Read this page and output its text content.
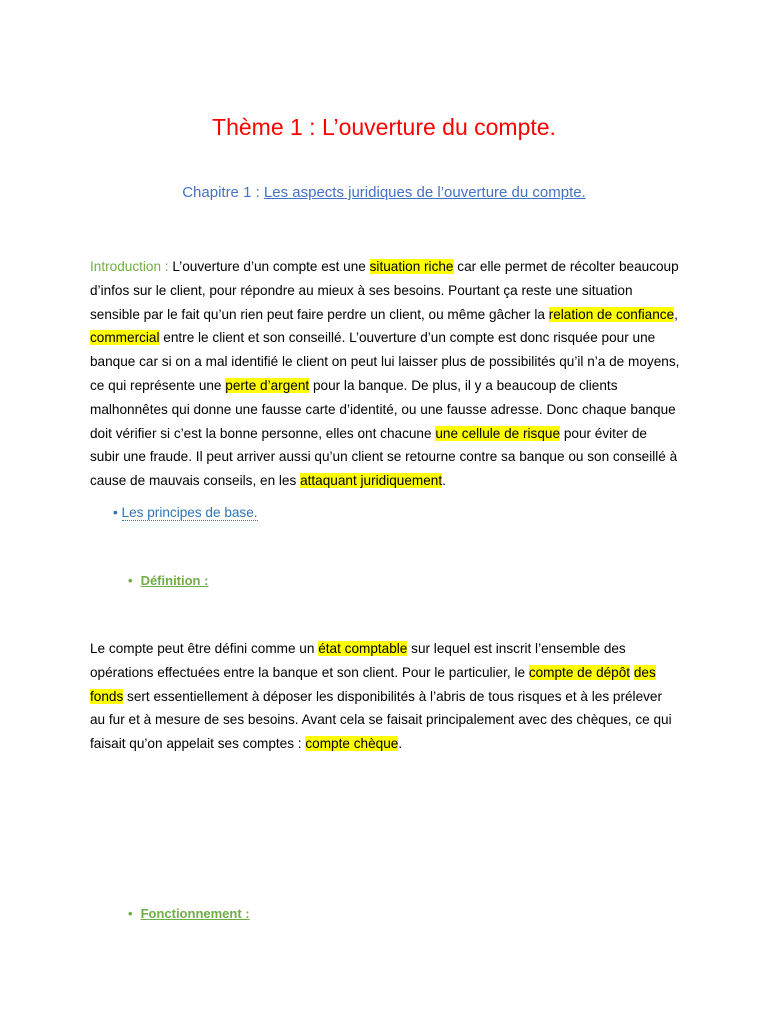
Thème 1 : L’ouverture du compte.
Chapitre 1 : Les aspects juridiques de l’ouverture du compte.

Introduction : L’ouverture d’un compte est une situation riche car elle permet de récolter beaucoup d’infos sur le client, pour répondre au mieux à ses besoins. Pourtant ça reste une situation sensible par le fait qu’un rien peut faire perdre un client, ou même gâcher la relation de confiance, commercial entre le client et son conseillé. L’ouverture d’un compte est donc risquée pour une banque car si on a mal identifié le client on peut lui laisser plus de possibilités qu’il n’a de moyens, ce qui représente une perte d’argent pour la banque. De plus, il y a beaucoup de clients malhonnêtes qui donne une fausse carte d’identité, ou une fausse adresse. Donc chaque banque doit vérifier si c’est la bonne personne, elles ont chacune une cellule de risque pour éviter de subir une fraude. Il peut arriver aussi qu’un client se retourne contre sa banque ou son conseillé à cause de mauvais conseils, en les attaquant juridiquement.

• Les principes de base.
• Définition :

Le compte peut être défini comme un état comptable sur lequel est inscrit l’ensemble des opérations effectuées entre la banque et son client. Pour le particulier, le compte de dépôt des fonds sert essentiellement à déposer les disponibilités à l’abris de tous risques et à les prélever au fur et à mesure de ses besoins. Avant cela se faisait principalement avec des chèques, ce qui faisait qu’on appelait ses comptes : compte chèque.

• Fonctionnement :
